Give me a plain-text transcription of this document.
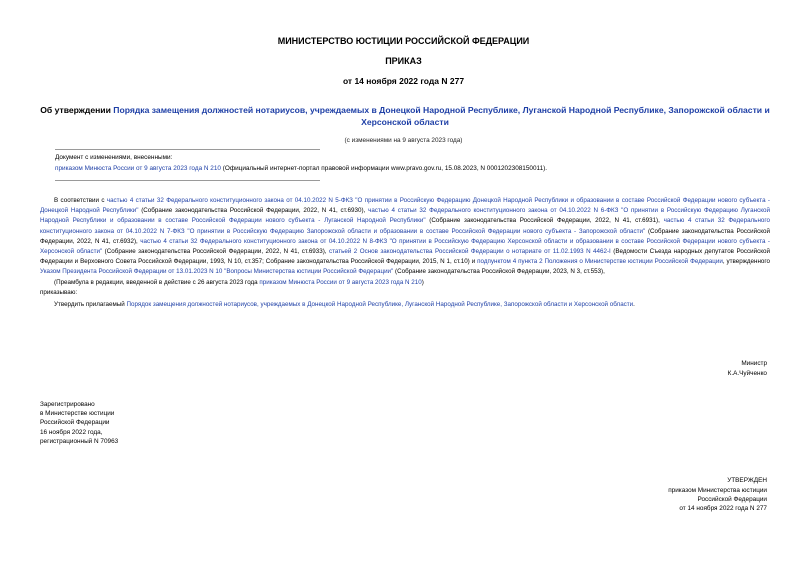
МИНИСТЕРСТВО ЮСТИЦИИ РОССИЙСКОЙ ФЕДЕРАЦИИ
ПРИКАЗ
от 14 ноября 2022 года N 277
Об утверждении Порядка замещения должностей нотариусов, учреждаемых в Донецкой Народной Республике, Луганской Народной Республике, Запорожской области и Херсонской области
(с изменениями на 9 августа 2023 года)
Документ с изменениями, внесенными:
приказом Минюста России от 9 августа 2023 года N 210 (Официальный интернет-портал правовой информации www.pravo.gov.ru, 15.08.2023, N 0001202308150011).

В соответствии с частью 4 статьи 32 Федерального конституционного закона от 04.10.2022 N 5-ФКЗ "О принятии в Российскую Федерацию Донецкой Народной Республики и образовании в составе Российской Федерации нового субъекта - Донецкой Народной Республики" (Собрание законодательства Российской Федерации, 2022, N 41, ст.6930), частью 4 статьи 32 Федерального конституционного закона от 04.10.2022 N 6-ФКЗ "О принятии в Российскую Федерацию Луганской Народной Республики и образовании в составе Российской Федерации нового субъекта - Луганской Народной Республики" (Собрание законодательства Российской Федерации, 2022, N 41, ст.6931), частью 4 статьи 32 Федерального конституционного закона от 04.10.2022 N 7-ФКЗ "О принятии в Российскую Федерацию Запорожской области и образовании в составе Российской Федерации нового субъекта - Запорожской области" (Собрание законодательства Российской Федерации, 2022, N 41, ст.6932), частью 4 статьи 32 Федерального конституционного закона от 04.10.2022 N 8-ФКЗ "О принятии в Российскую Федерацию Херсонской области и образовании в составе Российской Федерации нового субъекта - Херсонской области" (Собрание законодательства Российской Федерации, 2022, N 41, ст.6933), статьей 2 Основ законодательства Российской Федерации о нотариате от 11.02.1993 N 4462-I (Ведомости Съезда народных депутатов Российской Федерации и Верховного Совета Российской Федерации, 1993, N 10, ст.357; Собрание законодательства Российской Федерации, 2015, N 1, ст.10) и подпунктом 4 пункта 2 Положения о Министерстве юстиции Российской Федерации, утвержденного Указом Президента Российской Федерации от 13.01.2023 N 10 "Вопросы Министерства юстиции Российской Федерации" (Собрание законодательства Российской Федерации, 2023, N 3, ст.553),

(Преамбула в редакции, введенной в действие с 26 августа 2023 года приказом Минюста России от 9 августа 2023 года N 210)

приказываю:

Утвердить прилагаемый Порядок замещения должностей нотариусов, учреждаемых в Донецкой Народной Республике, Луганской Народной Республике, Запорожской области и Херсонской области.

Министр
К.А.Чуйченко
Зарегистрировано
в Министерстве юстиции
Российской Федерации
16 ноября 2022 года,
регистрационный N 70963
УТВЕРЖДЕН
приказом Министерства юстиции
Российской Федерации
от 14 ноября 2022 года N 277
